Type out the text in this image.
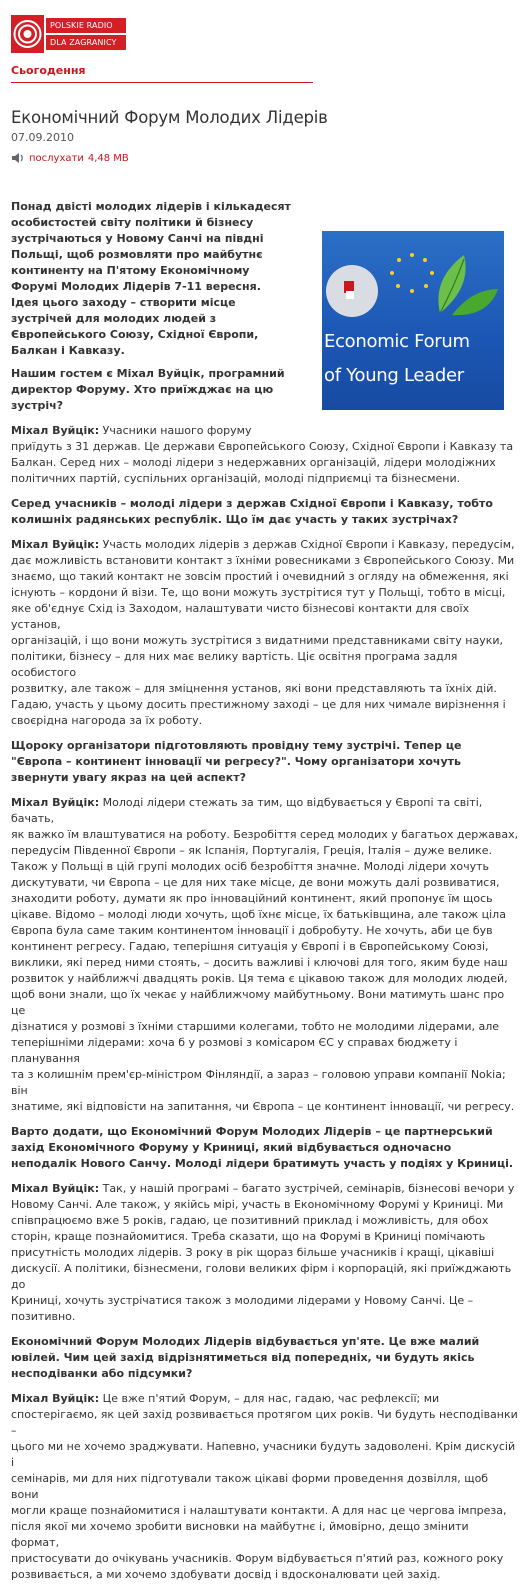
POLSKIE RADIO
DLA ZAGRANICY
Сьогодення
Економічний Форум Молодих Лідерів
07.09.2010
послухати 4,48 MB
Economic Forum
of Young Leader

Понад двісті молодих лідерів і кількадесят
особистостей світу політики й бізнесу
зустрічаються у Новому Санчі на півдні
Польщі, щоб розмовляти про майбутнє
континенту на П'ятому Економічному
Форумі Молодих Лідерів 7-11 вересня.
Ідея цього заходу – створити місце
зустрічей для молодих людей з
Європейського Союзу, Східної Європи,
Балкан і Кавказу.

Нашим гостем є Міхал Вуйцік, програмний
директор Форуму. Хто приїжджає на цю
зустріч?

Міхал Вуйцік: Учасники нашого форуму
приїдуть з 31 держав. Це держави Європейського Союзу, Східної Європи і Кавказу та
Балкан. Серед них – молоді лідери з недержавних організацій, лідери молодіжних
політичних партій, суспільних організацій, молоді підприємці та бізнесмени.

Серед учасників – молоді лідери з держав Східної Європи і Кавказу, тобто
колишніх радянських республік. Що їм дає участь у таких зустрічах?

Міхал Вуйцік: Участь молодих лідерів з держав Східної Європи і Кавказу, передусім,
дає можливість встановити контакт з їхніми ровесниками з Європейського Союзу. Ми
знаємо, що такий контакт не зовсім простий і очевидний з огляду на обмеження, які
існують – кордони й візи. Те, що вони можуть зустрітися тут у Польщі, тобто в місці,
яке об'єднує Схід із Заходом, налаштувати чисто бізнесові контакти для своїх установ,
організацій, і що вони можуть зустрітися з видатними представниками світу науки,
політики, бізнесу – для них має велику вартість. Ціє освітня програма задля особистого
розвитку, але також – для зміцнення установ, які вони представляють та їхніх дій.
Гадаю, участь у цьому досить престижному заході – це для них чималe вирізнення і
своєрідна нагорода за їх роботу.

Щороку організатори підготовляють провідну тему зустрічі. Тепер це
"Європа – континент інновації чи регресу?". Чому організатори хочуть
звернути увагу якраз на цей аспект?

Міхал Вуйцік: Молоді лідери стежать за тим, що відбувається у Європі та світі, бачать,
як важко їм влаштуватися на роботу. Безробіття серед молодих у багатьох державах,
передусім Південної Європи – як Іспанія, Португалія, Греція, Італія – дуже велике.
Також у Польщі в цій групі молодих осіб безробіття значне. Молоді лідери хочуть
дискутувати, чи Європа – це для них таке місце, де вони можуть далі розвиватися,
знаходити роботу, думати як про інноваційний континент, який пропонує їм щось
цікаве. Відомо – молоді люди хочуть, щоб їхнє місце, їх батьківщина, але також ціла
Європа була саме таким континентом інновації і добробуту. Не хочуть, аби це був
континент регресу. Гадаю, теперішня ситуація у Європі і в Європейському Союзі,
виклики, які перед ними стоять, – досить важливі і ключові для того, яким буде наш
розвиток у найближчі двадцять років. Ця тема є цікавою також для молодих людей,
щоб вони знали, що їх чекає у найближчому майбутньому. Вони матимуть шанс про це
дізнатися у розмові з їхніми старшими колегами, тобто не молодими лідерами, але
теперішніми лідерами: хоча б у розмові з комісаром ЄС у справах бюджету і планування
та з колишнім прем'єр-міністром Фінляндії, а зараз – головою управи компанії Nokia; він
знатиме, які відповісти на запитання, чи Європа – це континент інновації, чи регресу.

Варто додати, що Економічний Форум Молодих Лідерів – це партнерський
захід Економічного Форуму у Криниці, який відбувається одночасно
неподалік Нового Санчу. Молоді лідери братимуть участь у подіях у Криниці.

Міхал Вуйцік: Так, у нашій програмі – багато зустрічей, семінарів, бізнесові вечори у
Новому Санчі. Але також, у якійсь мірі, участь в Економічному Форумі у Криниці. Ми
співпрацюємо вже 5 років, гадаю, це позитивний приклад і можливість, для обох
сторін, краще познайомитися. Треба сказати, що на Форумі в Криниці помічають
присутність молодих лідерів. З року в рік щораз більше учасників і кращі, цікавіші
дискусії. А політики, бізнесмени, голови великих фірм і корпорацій, які приїжджають до
Криниці, хочуть зустрічатися також з молодими лідерами у Новому Санчі. Це –
позитивно.

Економічний Форум Молодих Лідерів відбувається уп'яте. Це вже малий
ювілей. Чим цей захід відрізнятиметься від попередніх, чи будуть якісь
несподіванки або підсумки?

Міхал Вуйцік: Це вже п'ятий Форум, – для нас, гадаю, час рефлексії; ми
спостерігаємо, як цей захід розвивається протягом цих років. Чи будуть несподіванки –
цього ми не хочемо зраджувати. Напевно, учасники будуть задоволені. Крім дискусій і
семінарів, ми для них підготували також цікаві форми проведення дозвілля, щоб вони
могли краще познайомитися і налаштувати контакти. А для нас це чергова імпреза,
після якої ми хочемо зробити висновки на майбутнє і, ймовірно, дещо змінити формат,
пристосувати до очікувань учасників. Форум відбувається п'ятий раз, кожного року
розвивається, а ми хочемо здобувати досвід і вдосконалювати цей захід.
